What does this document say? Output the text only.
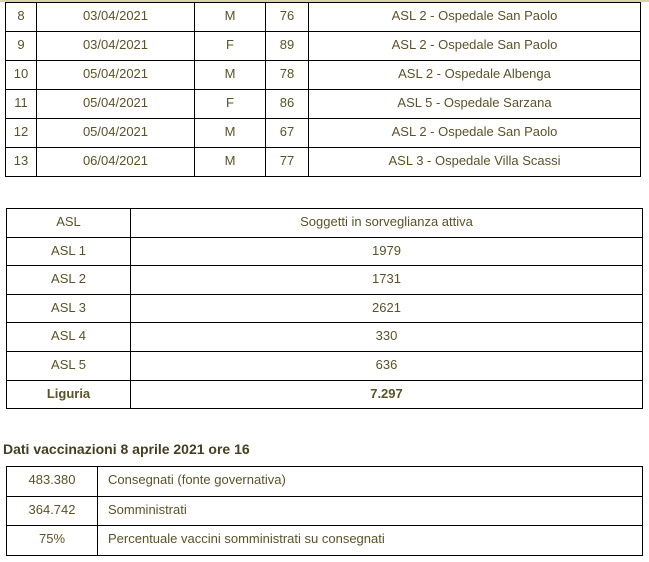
8	03/04/2021	M	76	ASL 2 - Ospedale San Paolo
9	03/04/2021	F	89	ASL 2 - Ospedale San Paolo
10	05/04/2021	M	78	ASL 2 - Ospedale Albenga
11	05/04/2021	F	86	ASL 5 - Ospedale Sarzana
12	05/04/2021	M	67	ASL 2 - Ospedale San Paolo
13	06/04/2021	M	77	ASL 3 - Ospedale Villa Scassi
ASL	Soggetti in sorveglianza attiva
ASL 1	1979
ASL 2	1731
ASL 3	2621
ASL 4	330
ASL 5	636
Liguria	7.297
Dati vaccinazioni 8 aprile 2021 ore 16
483.380	Consegnati (fonte governativa)
364.742	Somministrati
75%	Percentuale vaccini somministrati su consegnati
